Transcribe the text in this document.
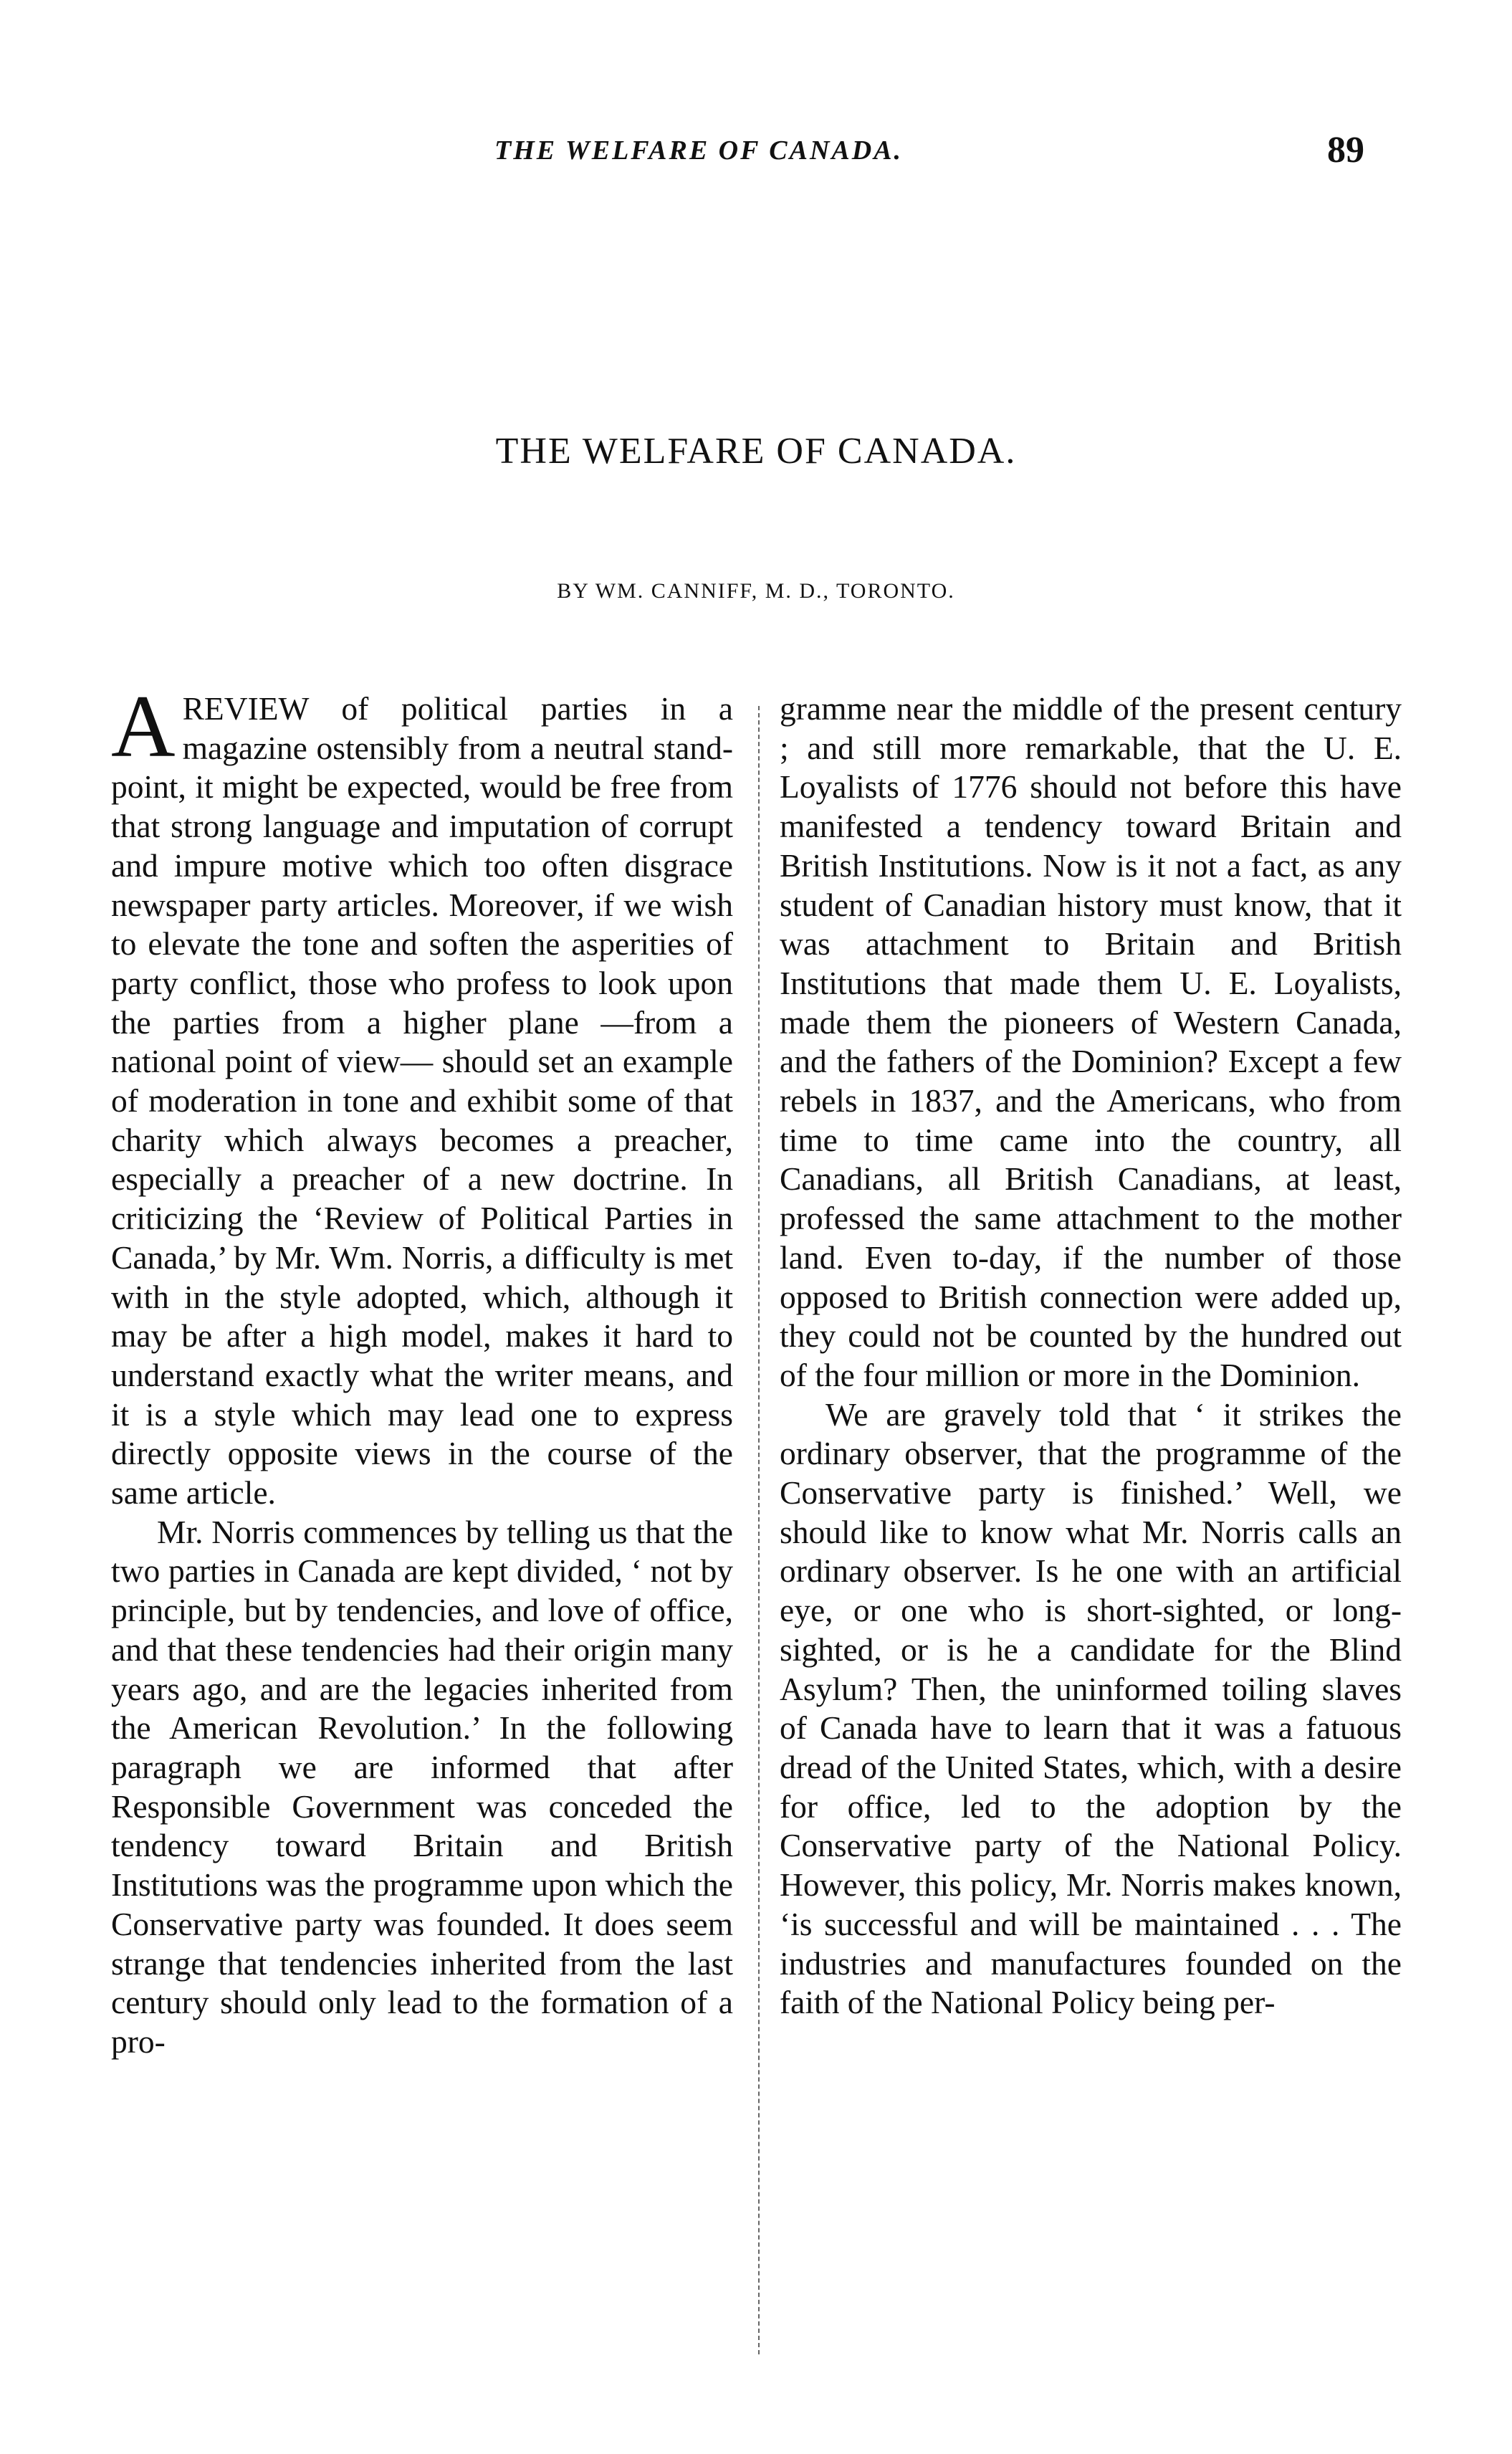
THE WELFARE OF CANADA.	89
THE WELFARE OF CANADA.
BY WM. CANNIFF, M. D., TORONTO.

AREVIEW of political parties in a magazine ostensibly from a neutral stand-point, it might be expected, would be free from that strong language and imputation of corrupt and impure motive which too often disgrace newspaper party articles. Moreover, if we wish to elevate the tone and soften the asperities of party conflict, those who profess to look upon the parties from a higher plane —from a national point of view— should set an example of moderation in tone and exhibit some of that charity which always becomes a preacher, especially a preacher of a new doctrine. In criticizing the ‘Review of Political Parties in Canada,’ by Mr. Wm. Norris, a difficulty is met with in the style adopted, which, although it may be after a high model, makes it hard to understand exactly what the writer means, and it is a style which may lead one to express directly opposite views in the course of the same article.

Mr. Norris commences by telling us that the two parties in Canada are kept divided, ‘ not by principle, but by tendencies, and love of office, and that these tendencies had their origin many years ago, and are the legacies inherited from the American Revolution.’ In the following paragraph we are informed that after Responsible Government was conceded the tendency toward Britain and British Institutions was the programme upon which the Conservative party was founded. It does seem strange that tendencies inherited from the last century should only lead to the formation of a pro-

gramme near the middle of the present century ; and still more remarkable, that the U. E. Loyalists of 1776 should not before this have manifested a tendency toward Britain and British Institutions. Now is it not a fact, as any student of Canadian history must know, that it was attachment to Britain and British Institutions that made them U. E. Loyalists, made them the pioneers of Western Canada, and the fathers of the Dominion? Except a few rebels in 1837, and the Americans, who from time to time came into the country, all Canadians, all British Canadians, at least, professed the same attachment to the mother land. Even to-day, if the number of those opposed to British connection were added up, they could not be counted by the hundred out of the four million or more in the Dominion.

We are gravely told that ‘ it strikes the ordinary observer, that the programme of the Conservative party is finished.’ Well, we should like to know what Mr. Norris calls an ordinary observer. Is he one with an artificial eye, or one who is short-sighted, or long-sighted, or is he a candidate for the Blind Asylum? Then, the uninformed toiling slaves of Canada have to learn that it was a fatuous dread of the United States, which, with a desire for office, led to the adoption by the Conservative party of the National Policy. However, this policy, Mr. Norris makes known, ‘is successful and will be maintained . . . The industries and manufactures founded on the faith of the National Policy being per-
